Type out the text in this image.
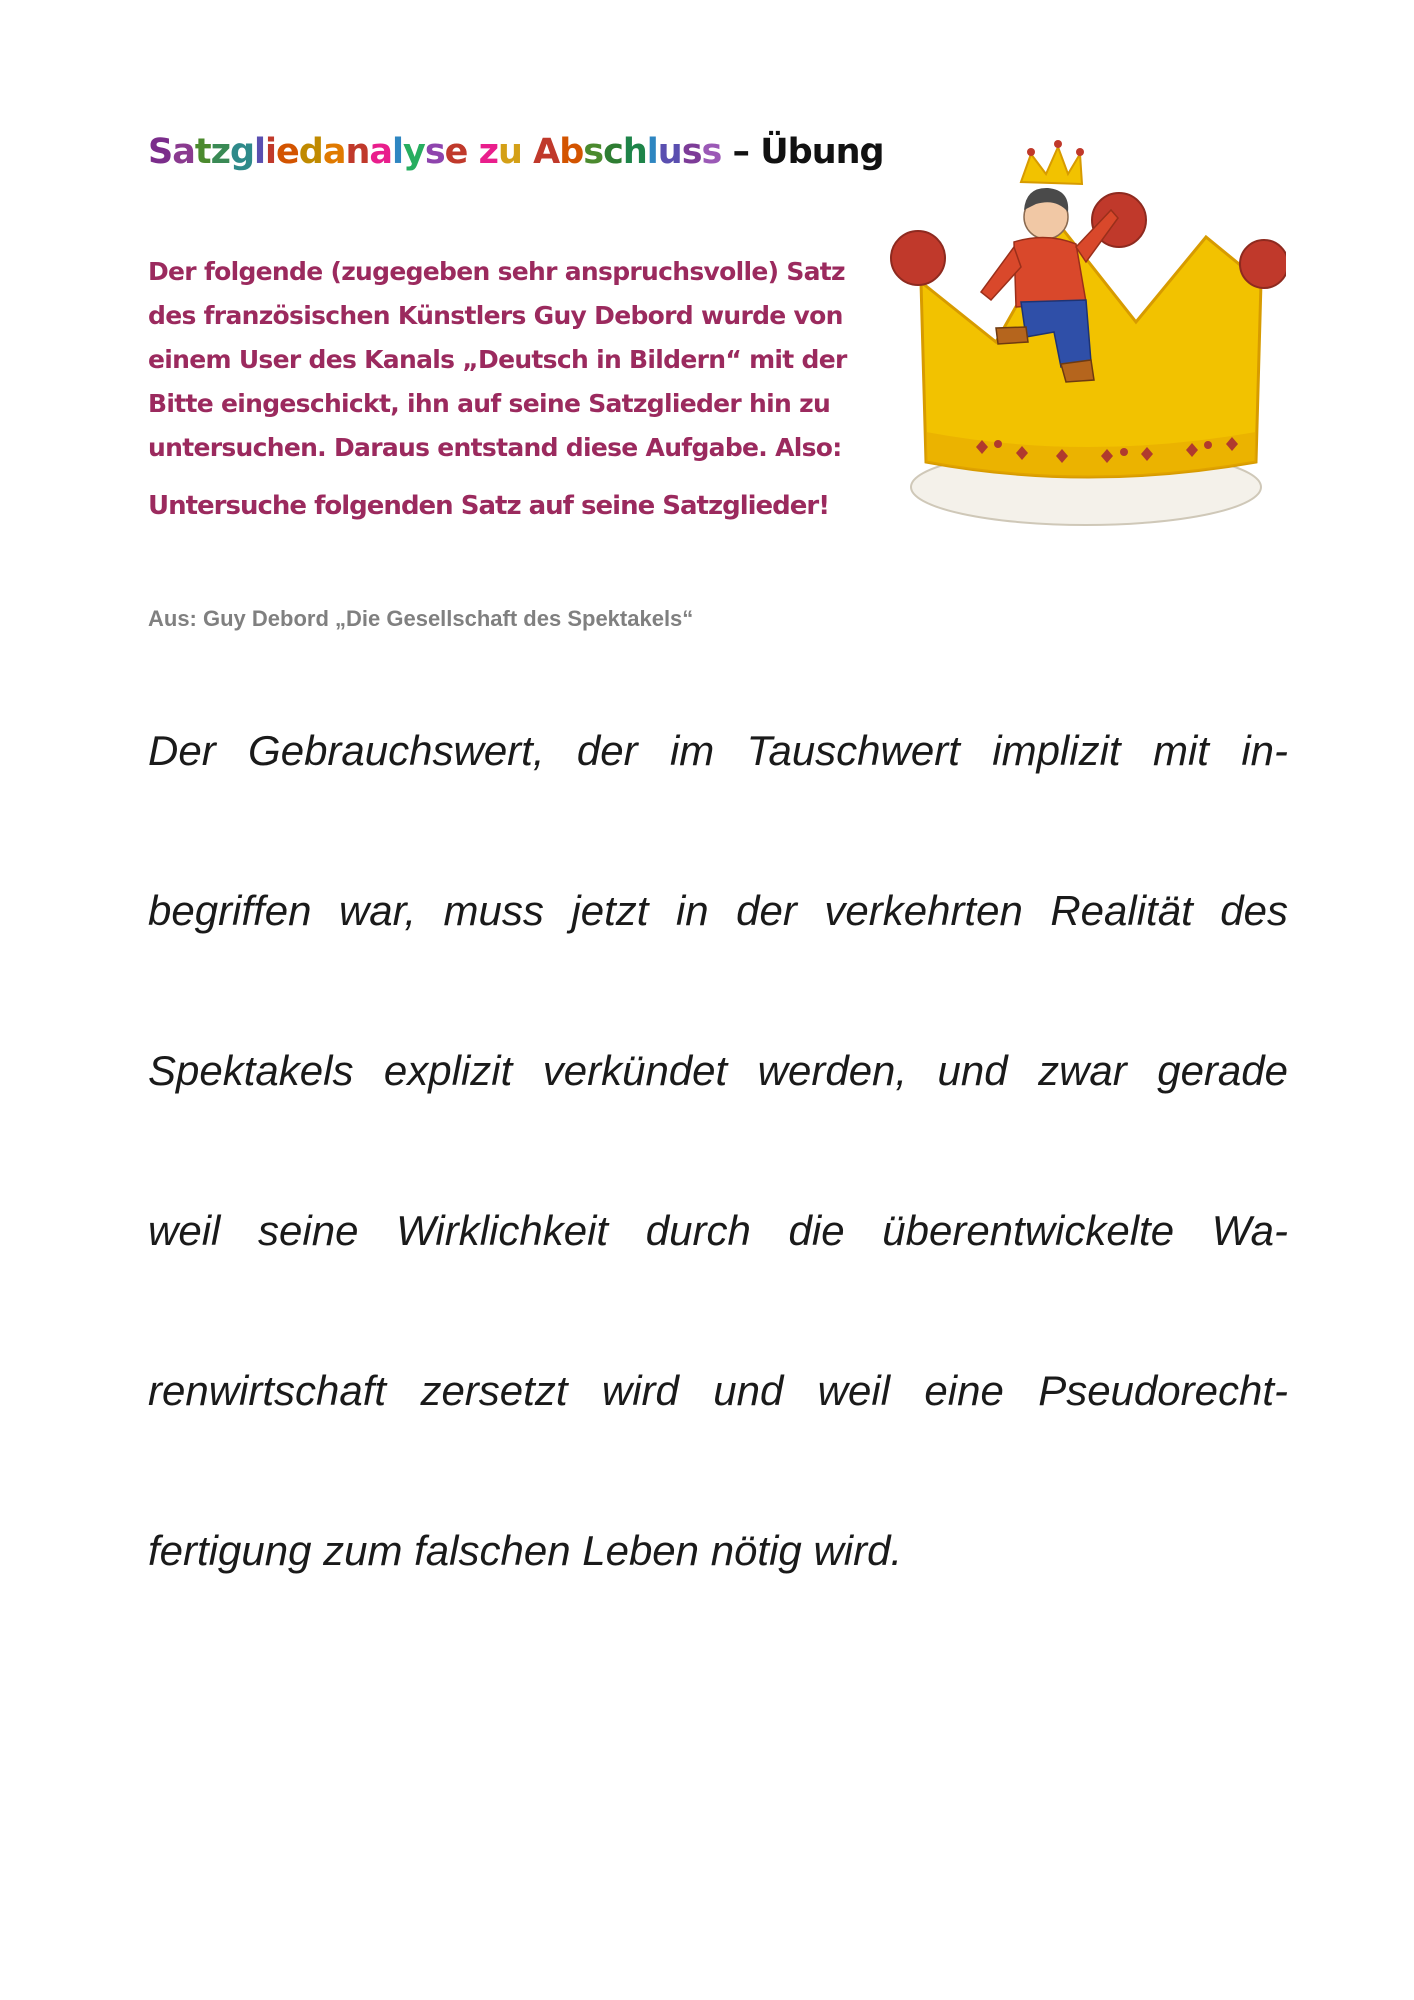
Satzgliedanalyse zu Abschluss – Übung

Der folgende (zugegeben sehr anspruchsvolle) Satz

des französischen Künstlers Guy Debord wurde von

einem User des Kanals „Deutsch in Bildern“ mit der

Bitte eingeschickt, ihn auf seine Satzglieder hin zu

untersuchen. Daraus entstand diese Aufgabe. Also:

Untersuche folgenden Satz auf seine Satzglieder!

Aus: Guy Debord „Die Gesellschaft des Spektakels“

Der Gebrauchswert, der im Tauschwert implizit mit in-

begriffen war, muss jetzt in der verkehrten Realität des

Spektakels explizit verkündet werden, und zwar gerade

weil seine Wirklichkeit durch die überentwickelte Wa-

renwirtschaft zersetzt wird und weil eine Pseudorecht-

fertigung zum falschen Leben nötig wird.
